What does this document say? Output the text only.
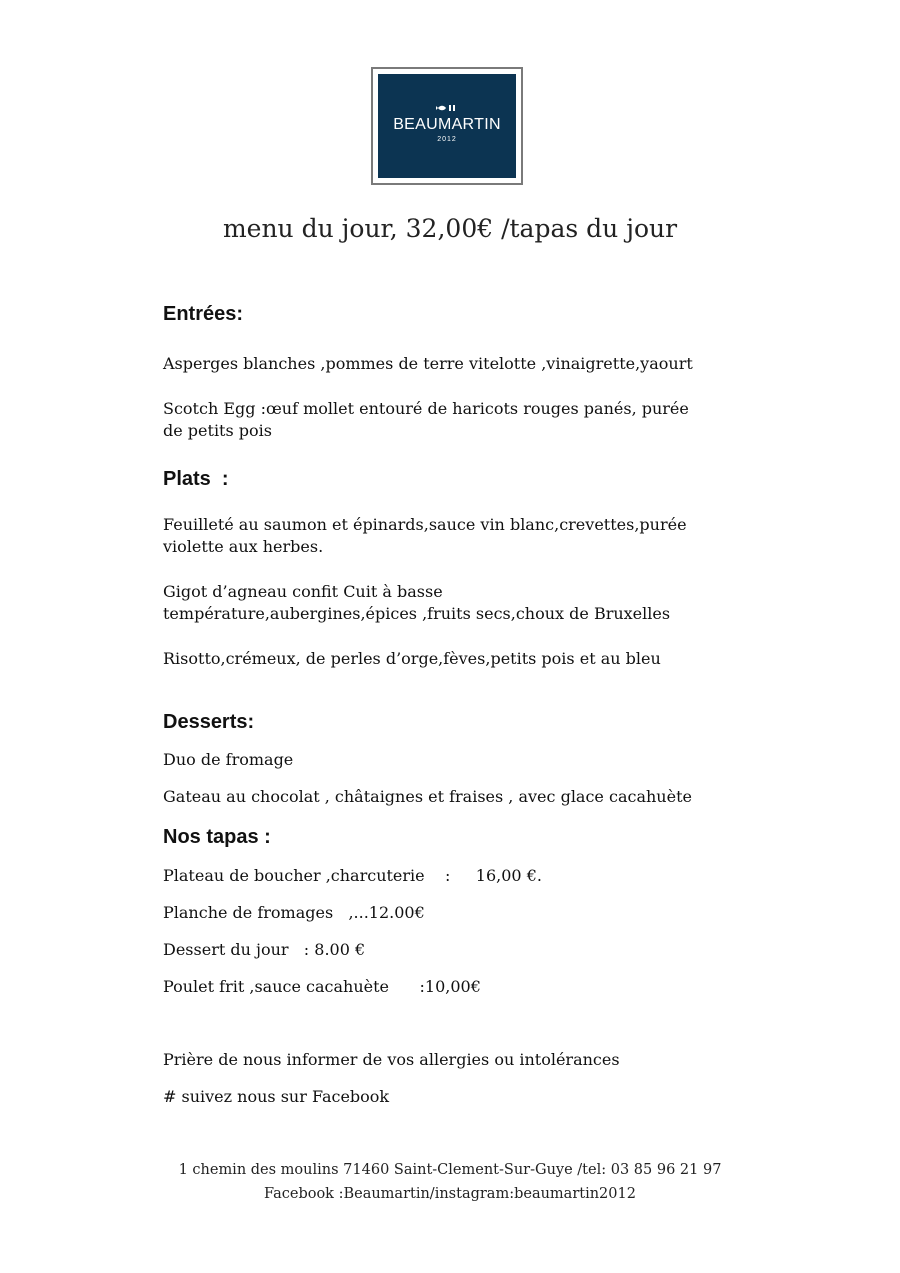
BEAUMARTIN
2012
menu du jour, 32,00€ /tapas du jour
Entrées:
Asperges blanches ,pommes de terre vitelotte ,vinaigrette,yaourt
Scotch Egg :œuf mollet entouré de haricots rouges panés, purée
de petits pois
Plats  :
Feuilleté au saumon et épinards,sauce vin blanc,crevettes,purée
violette aux herbes.
Gigot d’agneau confit Cuit à basse
température,aubergines,épices ,fruits secs,choux de Bruxelles
Risotto,crémeux, de perles d’orge,fèves,petits pois et au bleu
Desserts:
Duo de fromage
Gateau au chocolat , châtaignes et fraises , avec glace cacahuète
Nos tapas :
Plateau de boucher ,charcuterie    :     16,00 €.
Planche de fromages   ,...12.00€
Dessert du jour   : 8.00 €
Poulet frit ,sauce cacahuète      :10,00€
Prière de nous informer de vos allergies ou intolérances
# suivez nous sur Facebook
1 chemin des moulins 71460 Saint-Clement-Sur-Guye /tel: 03 85 96 21 97
Facebook :Beaumartin/instagram:beaumartin2012
